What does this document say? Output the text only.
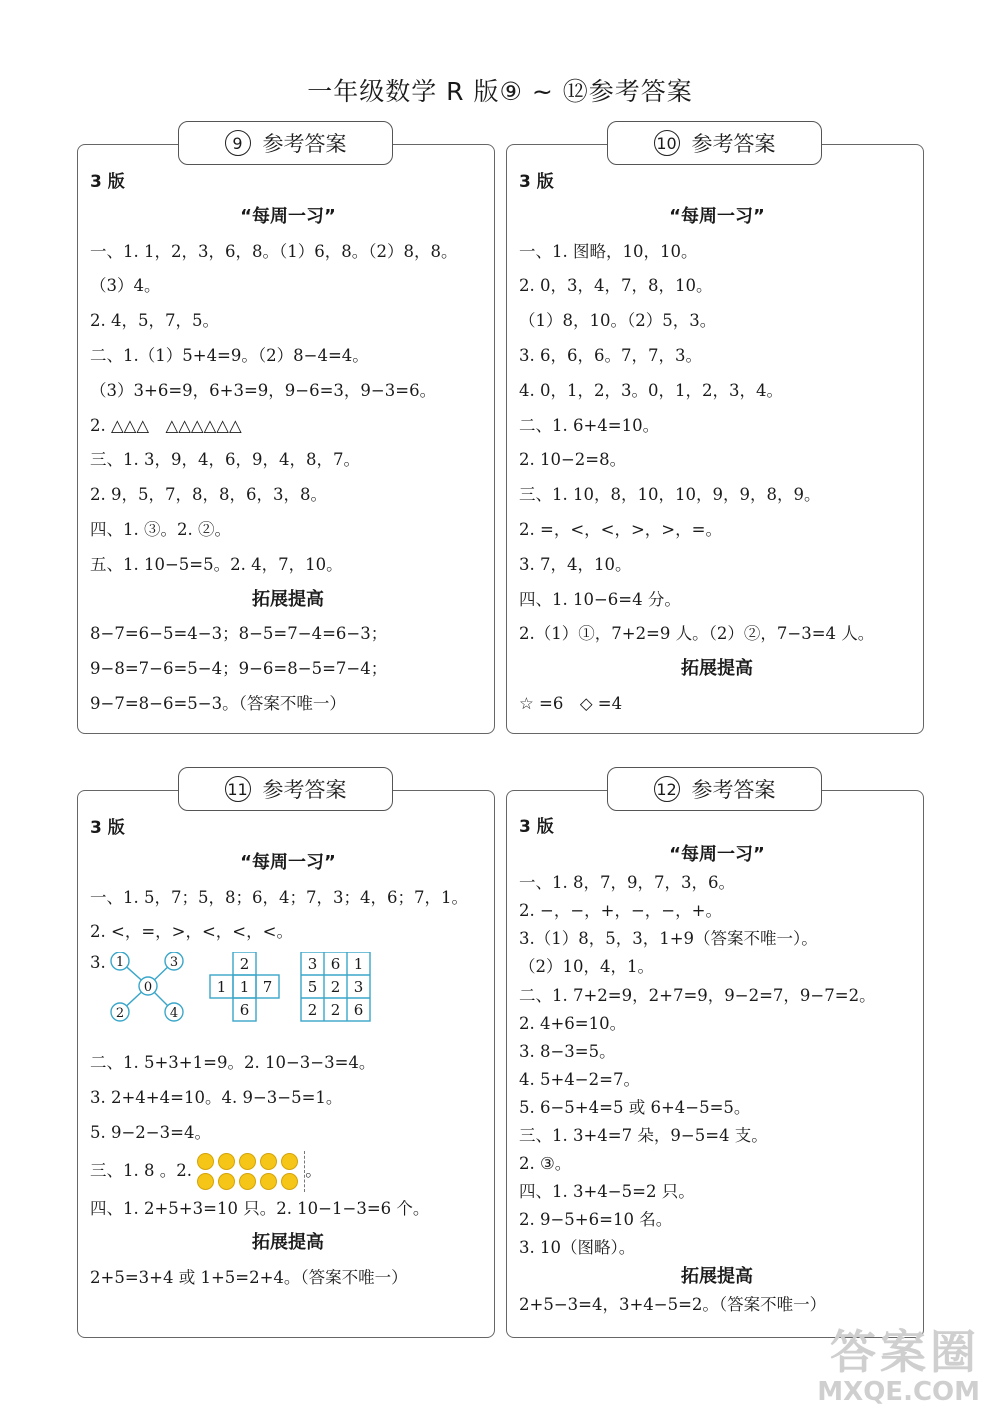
一年级数学 R 版⑨ ~ ⑫参考答案
3 版
“每周一习”
一、1. 1，2，3，6，8。（1）6，8。（2）8，8。
（3）4。
2. 4，5，7，5。
二、1.（1）5+4=9。（2）8−4=4。
（3）3+6=9，6+3=9，9−6=3，9−3=6。
2. △△△　△△△△△△
三、1. 3，9，4，6，9，4，8，7。
2. 9，5，7，8，8，6，3，8。
四、1. ③。2. ②。
五、1. 10−5=5。2. 4，7，10。
拓展提高
8−7=6−5=4−3；8−5=7−4=6−3；
9−8=7−6=5−4；9−6=8−5=7−4；
9−7=8−6=5−3。（答案不唯一）
9 参考答案
3 版
“每周一习”
一、1. 图略，10，10。
2. 0，3，4，7，8，10。
（1）8，10。（2）5，3。
3. 6，6，6。7，7，3。
4. 0，1，2，3。0，1，2，3，4。
二、1. 6+4=10。
2. 10−2=8。
三、1. 10，8，10，10，9，9，8，9。
2. =，<，<，>，>，=。
3. 7，4，10。
四、1. 10−6=4 分。
2.（1）①，7+2=9 人。（2）②，7−3=4 人。
拓展提高
☆ =6　◇ =4
10 参考答案
3 版
“每周一习”
一、1. 5，7；5，8；6，4；7，3；4，6；7，1。
2. <，=，>，<，<，<。
3.
0
1	3
2	4
2
1 1 7
6
3 6 1
5 2 3
2 2 6
二、1. 5+3+1=9。2. 10−3−3=4。
3. 2+4+4=10。4. 9−3−5=1。
5. 9−2−3=4。
三、1. 8 。2.	。
四、1. 2+5+3=10 只。2. 10−1−3=6 个。
拓展提高
2+5=3+4 或 1+5=2+4。（答案不唯一）
11 参考答案
3 版
“每周一习”
一、1. 8，7，9，7，3，6。
2. −，−，+，−，−，+。
3.（1）8，5，3，1+9（答案不唯一）。
（2）10，4，1。
二、1. 7+2=9，2+7=9，9−2=7，9−7=2。
2. 4+6=10。
3. 8−3=5。
4. 5+4−2=7。
5. 6−5+4=5 或 6+4−5=5。
三、1. 3+4=7 朵，9−5=4 支。
2. ③。
四、1. 3+4−5=2 只。
2. 9−5+6=10 名。
3. 10（图略）。
拓展提高
2+5−3=4，3+4−5=2。（答案不唯一）
12 参考答案
答案圈
MXQE.COM
